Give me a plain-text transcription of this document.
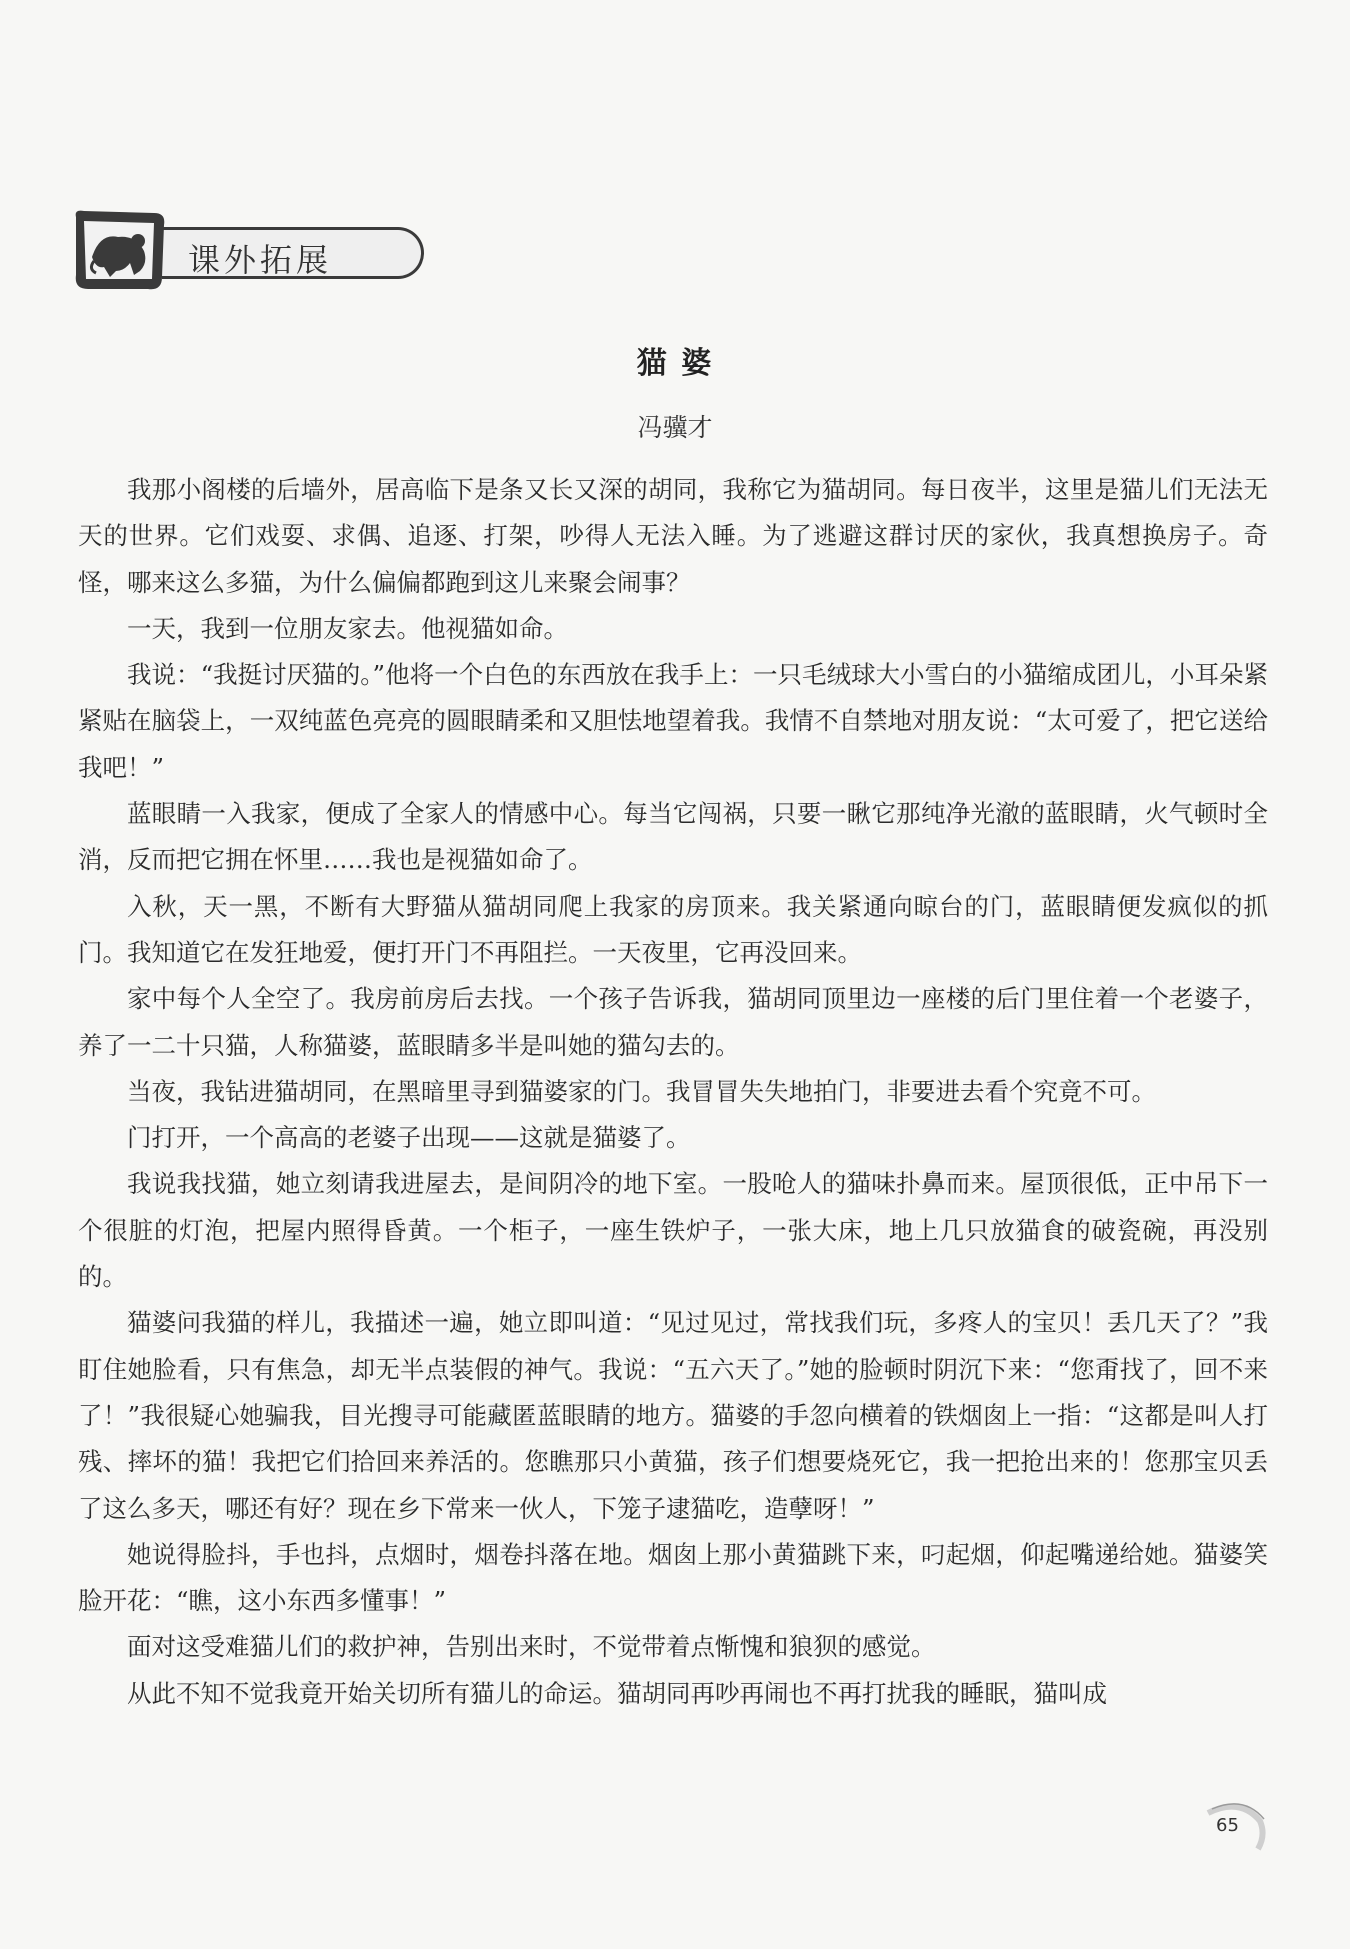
课外拓展
猫 婆
冯骥才

我那小阁楼的后墙外，居高临下是条又长又深的胡同，我称它为猫胡同。每日夜半，这里是猫儿们无法无天的世界。它们戏耍、求偶、追逐、打架，吵得人无法入睡。为了逃避这群讨厌的家伙，我真想换房子。奇怪，哪来这么多猫，为什么偏偏都跑到这儿来聚会闹事？

一天，我到一位朋友家去。他视猫如命。

我说：“我挺讨厌猫的。”他将一个白色的东西放在我手上：一只毛绒球大小雪白的小猫缩成团儿，小耳朵紧紧贴在脑袋上，一双纯蓝色亮亮的圆眼睛柔和又胆怯地望着我。我情不自禁地对朋友说：“太可爱了，把它送给我吧！”

蓝眼睛一入我家，便成了全家人的情感中心。每当它闯祸，只要一瞅它那纯净光澈的蓝眼睛，火气顿时全消，反而把它拥在怀里……我也是视猫如命了。

入秋，天一黑，不断有大野猫从猫胡同爬上我家的房顶来。我关紧通向晾台的门，蓝眼睛便发疯似的抓门。我知道它在发狂地爱，便打开门不再阻拦。一天夜里，它再没回来。

家中每个人全空了。我房前房后去找。一个孩子告诉我，猫胡同顶里边一座楼的后门里住着一个老婆子，养了一二十只猫，人称猫婆，蓝眼睛多半是叫她的猫勾去的。

当夜，我钻进猫胡同，在黑暗里寻到猫婆家的门。我冒冒失失地拍门，非要进去看个究竟不可。

门打开，一个高高的老婆子出现——这就是猫婆了。

我说我找猫，她立刻请我进屋去，是间阴冷的地下室。一股呛人的猫味扑鼻而来。屋顶很低，正中吊下一个很脏的灯泡，把屋内照得昏黄。一个柜子，一座生铁炉子，一张大床，地上几只放猫食的破瓷碗，再没别的。

猫婆问我猫的样儿，我描述一遍，她立即叫道：“见过见过，常找我们玩，多疼人的宝贝！丢几天了？”我盯住她脸看，只有焦急，却无半点装假的神气。我说：“五六天了。”她的脸顿时阴沉下来：“您甭找了，回不来了！”我很疑心她骗我，目光搜寻可能藏匿蓝眼睛的地方。猫婆的手忽向横着的铁烟囱上一指：“这都是叫人打残、摔坏的猫！我把它们拾回来养活的。您瞧那只小黄猫，孩子们想要烧死它，我一把抢出来的！您那宝贝丢了这么多天，哪还有好？现在乡下常来一伙人，下笼子逮猫吃，造孽呀！”

她说得脸抖，手也抖，点烟时，烟卷抖落在地。烟囱上那小黄猫跳下来，叼起烟，仰起嘴递给她。猫婆笑脸开花：“瞧，这小东西多懂事！”

面对这受难猫儿们的救护神，告别出来时，不觉带着点惭愧和狼狈的感觉。

从此不知不觉我竟开始关切所有猫儿的命运。猫胡同再吵再闹也不再打扰我的睡眠，猫叫成

65
